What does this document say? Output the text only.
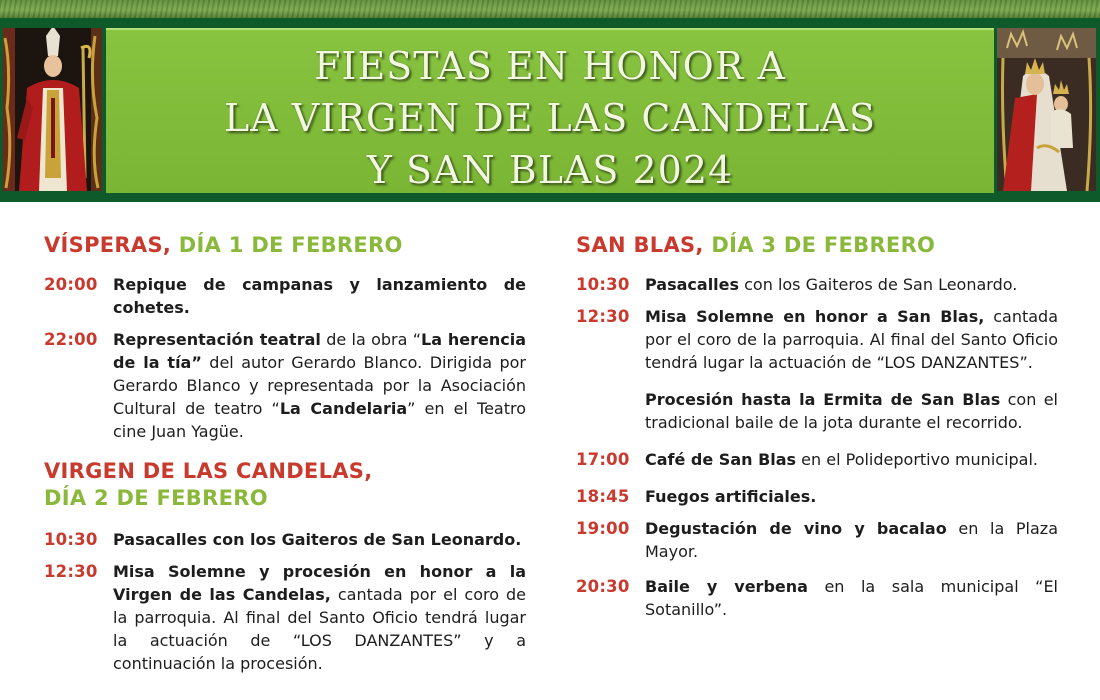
FIESTAS EN HONOR A
LA VIRGEN DE LAS CANDELAS
Y SAN BLAS 2024
VÍSPERAS, DÍA 1 DE FEBRERO
20:00 Repique de campanas y lanzamiento de cohetes.
22:00 Representación teatral de la obra “La herencia de la tía” del autor Gerardo Blanco. Dirigida por Gerardo Blanco y representada por la Asociación Cultural de teatro “La Candelaria” en el Teatro cine Juan Yagüe.
VIRGEN DE LAS CANDELAS,
DÍA 2 DE FEBRERO
10:30 Pasacalles con los Gaiteros de San Leonardo.
12:30 Misa Solemne y procesión en honor a la Virgen de las Candelas, cantada por el coro de la parroquia. Al final del Santo Oficio tendrá lugar la actuación de “LOS DANZANTES” y a continuación la procesión.
SAN BLAS, DÍA 3 DE FEBRERO
10:30 Pasacalles con los Gaiteros de San Leonardo.
12:30 Misa Solemne en honor a San Blas, cantada por el coro de la parroquia. Al final del Santo Oficio tendrá lugar la actuación de “LOS DANZANTES”.
Procesión hasta la Ermita de San Blas con el tradicional baile de la jota durante el recorrido.
17:00 Café de San Blas en el Polideportivo municipal.
18:45 Fuegos artificiales.
19:00 Degustación de vino y bacalao en la Plaza Mayor.
20:30 Baile y verbena en la sala municipal “El Sotanillo”.
